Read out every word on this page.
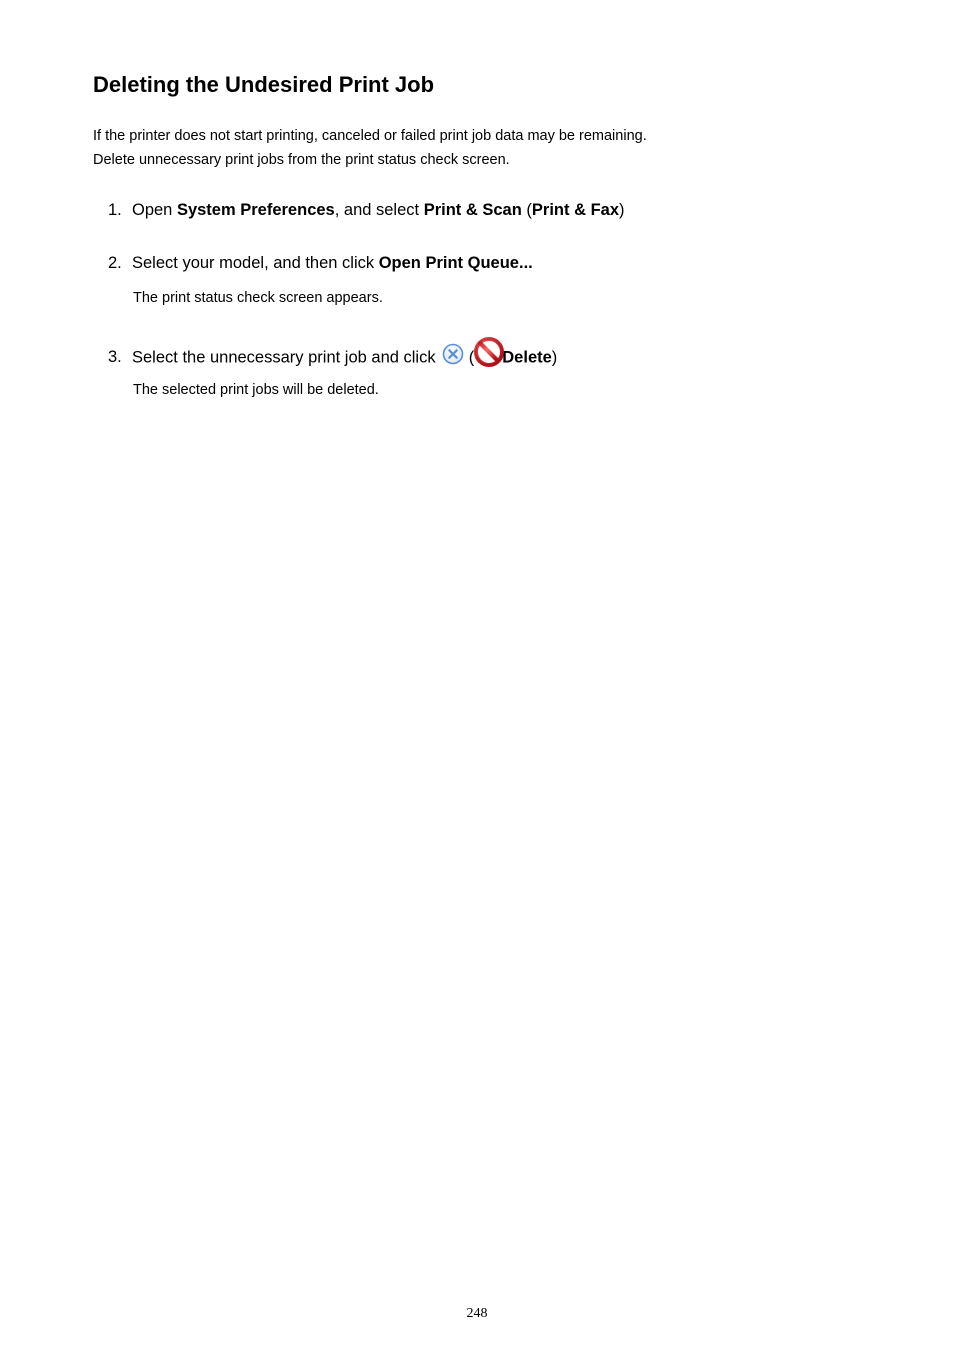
Deleting the Undesired Print Job
If the printer does not start printing, canceled or failed print job data may be remaining.
Delete unnecessary print jobs from the print status check screen.
1. Open System Preferences, and select Print & Scan (Print & Fax)
2. Select your model, and then click Open Print Queue...
The print status check screen appears.
3. Select the unnecessary print job and click  ( Delete)
The selected print jobs will be deleted.
248
